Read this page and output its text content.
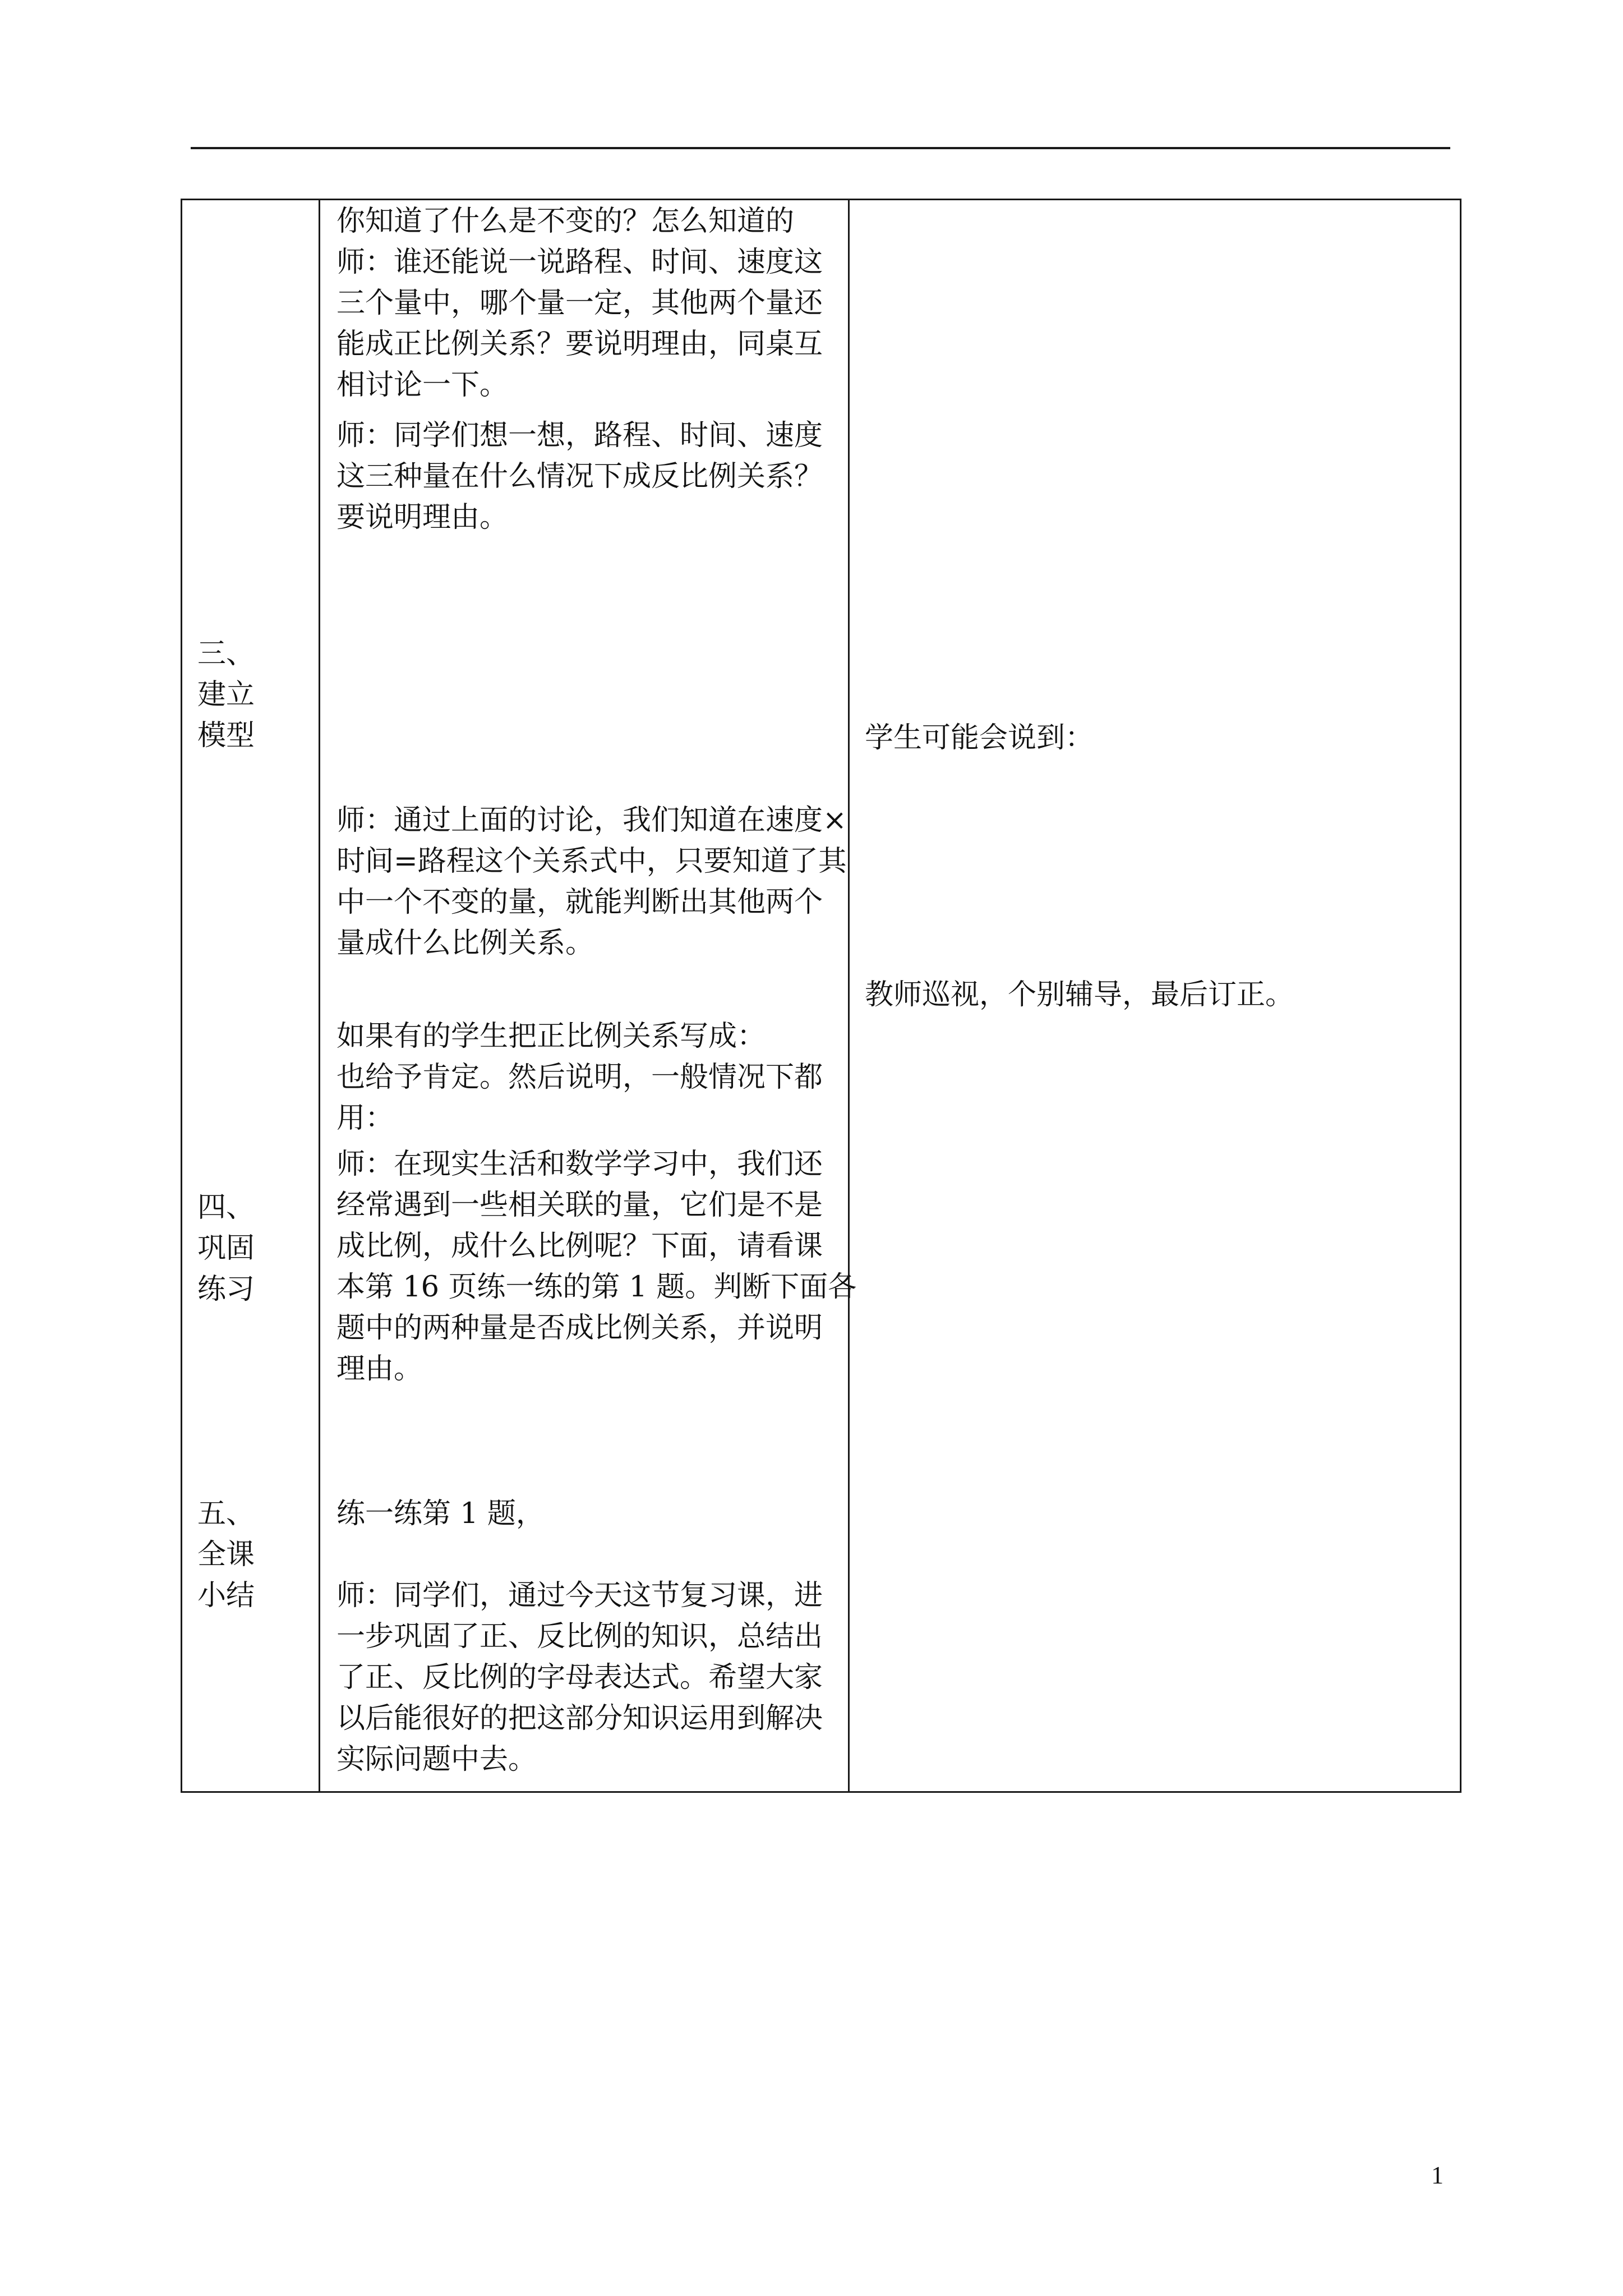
三、
建立
模型
四、
巩固
练习
五、
全课
小结
你知道了什么是不变的？怎么知道的
师：谁还能说一说路程、时间、速度这
三个量中，哪个量一定，其他两个量还
能成正比例关系？要说明理由，同桌互
相讨论一下。
师：同学们想一想，路程、时间、速度
这三种量在什么情况下成反比例关系？
要说明理由。
师：通过上面的讨论，我们知道在速度×
时间=路程这个关系式中，只要知道了其
中一个不变的量，就能判断出其他两个
量成什么比例关系。
如果有的学生把正比例关系写成：
也给予肯定。然后说明，一般情况下都
用：
师：在现实生活和数学学习中，我们还
经常遇到一些相关联的量，它们是不是
成比例，成什么比例呢？下面，请看课
本第 16 页练一练的第 1 题。判断下面各
题中的两种量是否成比例关系，并说明
理由。
练一练第 1 题，
师：同学们，通过今天这节复习课，进
一步巩固了正、反比例的知识，总结出
了正、反比例的字母表达式。希望大家
以后能很好的把这部分知识运用到解决
实际问题中去。
学生可能会说到：
教师巡视，个别辅导，最后订正。
1
